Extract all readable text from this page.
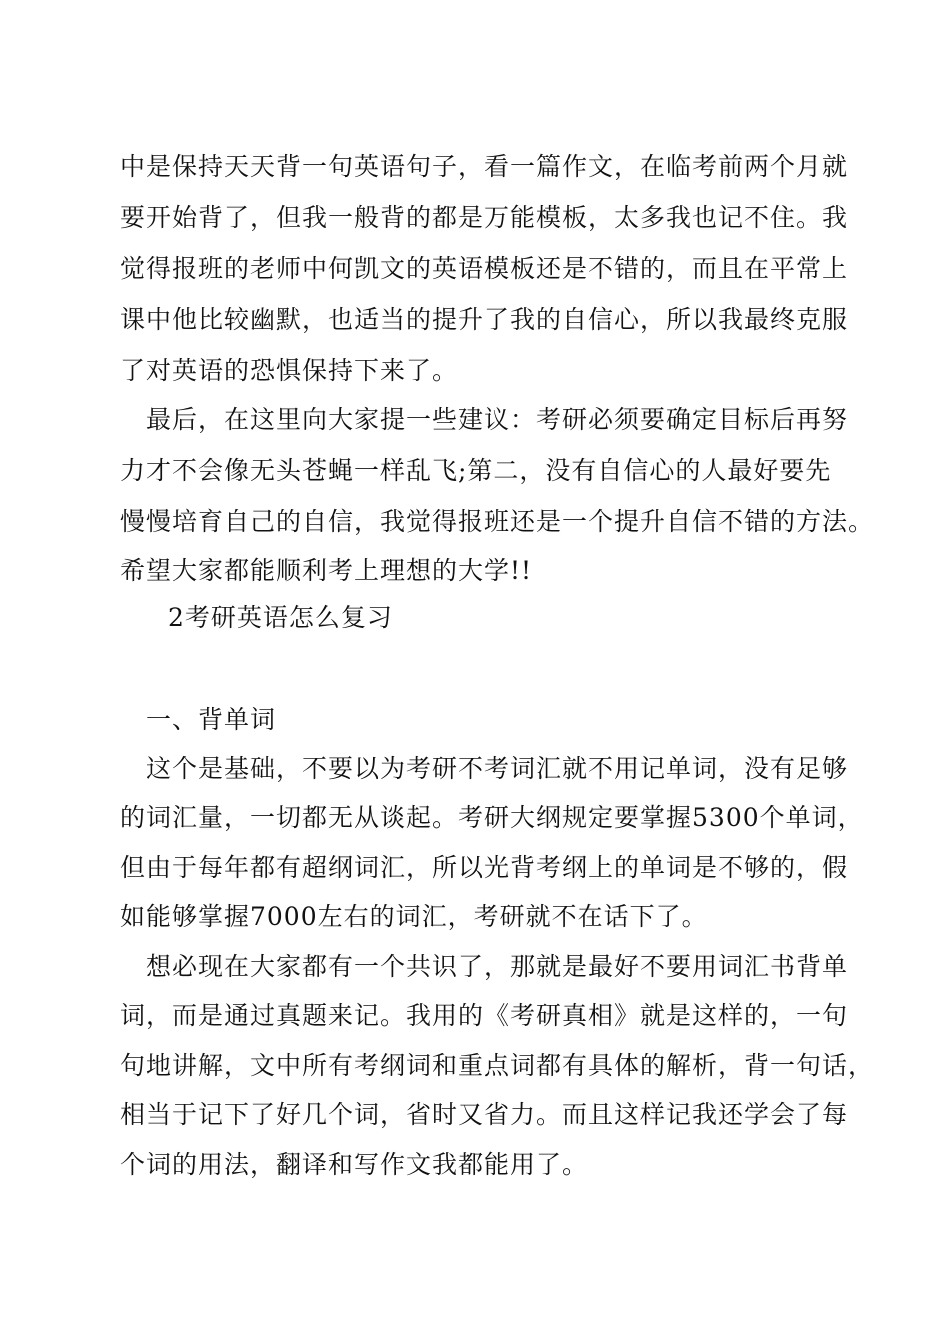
中是保持天天背一句英语句子，看一篇作文，在临考前两个月就
要开始背了，但我一般背的都是万能模板，太多我也记不住。我
觉得报班的老师中何凯文的英语模板还是不错的，而且在平常上
课中他比较幽默，也适当的提升了我的自信心，所以我最终克服
了对英语的恐惧保持下来了。
最后，在这里向大家提一些建议：考研必须要确定目标后再努
力才不会像无头苍蝇一样乱飞;第二，没有自信心的人最好要先
慢慢培育自己的自信，我觉得报班还是一个提升自信不错的方法。
希望大家都能顺利考上理想的大学!!
2考研英语怎么复习
一、背单词
这个是基础，不要以为考研不考词汇就不用记单词，没有足够
的词汇量，一切都无从谈起。考研大纲规定要掌握5300个单词，
但由于每年都有超纲词汇，所以光背考纲上的单词是不够的，假
如能够掌握7000左右的词汇，考研就不在话下了。
想必现在大家都有一个共识了，那就是最好不要用词汇书背单
词，而是通过真题来记。我用的《考研真相》就是这样的，一句
句地讲解，文中所有考纲词和重点词都有具体的解析，背一句话，
相当于记下了好几个词，省时又省力。而且这样记我还学会了每
个词的用法，翻译和写作文我都能用了。
